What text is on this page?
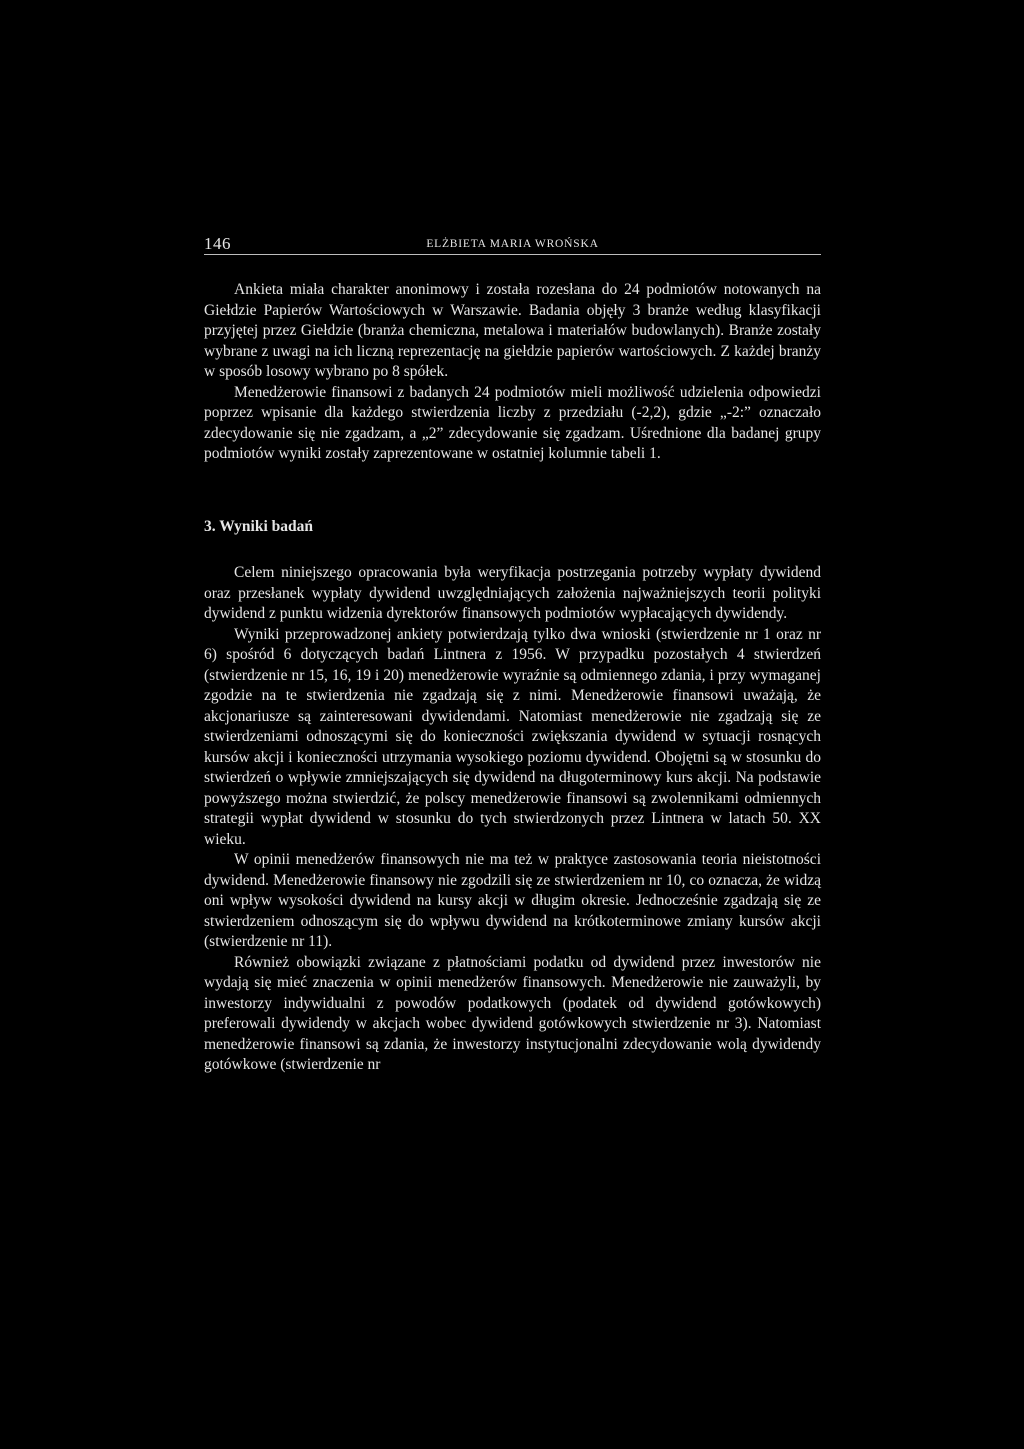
146	ELŻBIETA MARIA WROŃSKA

Ankieta miała charakter anonimowy i została rozesłana do 24 podmiotów notowanych na Giełdzie Papierów Wartościowych w Warszawie. Badania objęły 3 branże według klasyfikacji przyjętej przez Giełdzie (branża chemiczna, metalowa i materiałów budowlanych). Branże zostały wybrane z uwagi na ich liczną reprezentację na giełdzie papierów wartościowych. Z każdej branży w sposób losowy wybrano po 8 spółek.

Menedżerowie finansowi z badanych 24 podmiotów mieli możliwość udzielenia odpowiedzi poprzez wpisanie dla każdego stwierdzenia liczby z przedziału (-2,2), gdzie „-2:” oznaczało zdecydowanie się nie zgadzam, a „2” zdecydowanie się zgadzam. Uśrednione dla badanej grupy podmiotów wyniki zostały zaprezentowane w ostatniej kolumnie tabeli 1.

3. Wyniki badań

Celem niniejszego opracowania była weryfikacja postrzegania potrzeby wypłaty dywidend oraz przesłanek wypłaty dywidend uwzględniających założenia najważniejszych teorii polityki dywidend z punktu widzenia dyrektorów finansowych podmiotów wypłacających dywidendy.

Wyniki przeprowadzonej ankiety potwierdzają tylko dwa wnioski (stwierdzenie nr 1 oraz nr 6) spośród 6 dotyczących badań Lintnera z 1956. W przypadku pozostałych 4 stwierdzeń (stwierdzenie nr 15, 16, 19 i 20) menedżerowie wyraźnie są odmiennego zdania, i przy wymaganej zgodzie na te stwierdzenia nie zgadzają się z nimi. Menedżerowie finansowi uważają, że akcjonariusze są zainteresowani dywidendami. Natomiast menedżerowie nie zgadzają się ze stwierdzeniami odnoszącymi się do konieczności zwiększania dywidend w sytuacji rosnących kursów akcji i konieczności utrzymania wysokiego poziomu dywidend. Obojętni są w stosunku do stwierdzeń o wpływie zmniejszających się dywidend na długoterminowy kurs akcji. Na podstawie powyższego można stwierdzić, że polscy menedżerowie finansowi są zwolennikami odmiennych strategii wypłat dywidend w stosunku do tych stwierdzonych przez Lintnera w latach 50. XX wieku.

W opinii menedżerów finansowych nie ma też w praktyce zastosowania teoria nieistotności dywidend. Menedżerowie finansowy nie zgodzili się ze stwierdzeniem nr 10, co oznacza, że widzą oni wpływ wysokości dywidend na kursy akcji w długim okresie. Jednocześnie zgadzają się ze stwierdzeniem odnoszącym się do wpływu dywidend na krótkoterminowe zmiany kursów akcji (stwierdzenie nr 11).

Również obowiązki związane z płatnościami podatku od dywidend przez inwestorów nie wydają się mieć znaczenia w opinii menedżerów finansowych. Menedżerowie nie zauważyli, by inwestorzy indywidualni z powodów podatkowych (podatek od dywidend gotówkowych) preferowali dywidendy w akcjach wobec dywidend gotówkowych stwierdzenie nr 3). Natomiast menedżerowie finansowi są zdania, że inwestorzy instytucjonalni zdecydowanie wolą dywidendy gotówkowe (stwierdzenie nr
